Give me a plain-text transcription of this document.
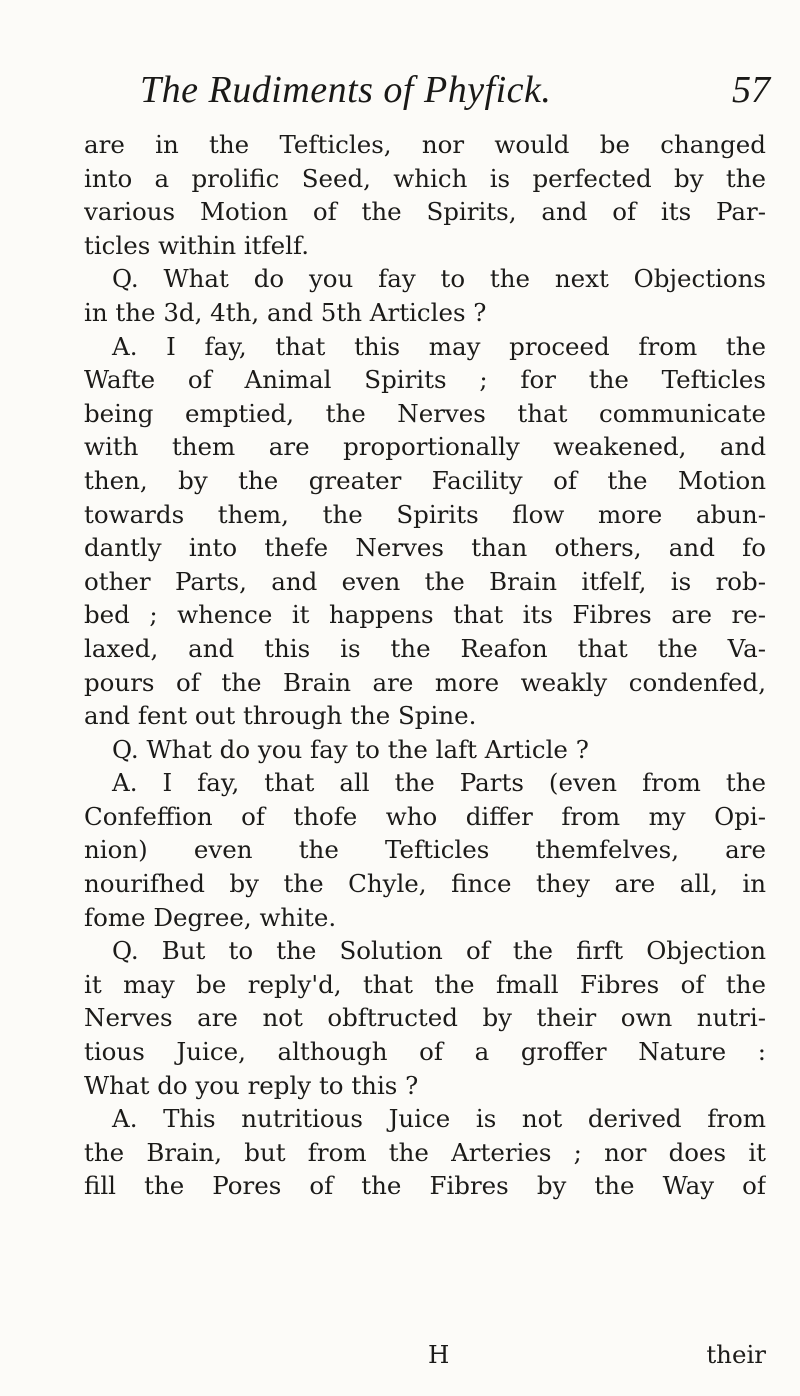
The Rudiments of Phyfick.	57
are in the Tefticles, nor would be changed
into a prolific Seed, which is perfected by the
various Motion of the Spirits, and of its Par-
ticles within itfelf.
Q. What do you fay to the next Objections
in the 3d, 4th, and 5th Articles ?
A. I fay, that this may proceed from the
Wafte of Animal Spirits ; for the Tefticles
being emptied, the Nerves that communicate
with them are proportionally weakened, and
then, by the greater Facility of the Motion
towards them, the Spirits flow more abun-
dantly into thefe Nerves than others, and fo
other Parts, and even the Brain itfelf, is rob-
bed ; whence it happens that its Fibres are re-
laxed, and this is the Reafon that the Va-
pours of the Brain are more weakly condenfed,
and fent out through the Spine.
Q. What do you fay to the laft Article ?
A. I fay, that all the Parts (even from the
Confeffion of thofe who differ from my Opi-
nion) even the Tefticles themfelves, are
nourifhed by the Chyle, fince they are all, in
fome Degree, white.
Q. But to the Solution of the firft Objection
it may be reply'd, that the fmall Fibres of the
Nerves are not obftructed by their own nutri-
tious Juice, although of a groffer Nature :
What do you reply to this ?
A. This nutritious Juice is not derived from
the Brain, but from the Arteries ; nor does it
fill the Pores of the Fibres by the Way of
H	their
